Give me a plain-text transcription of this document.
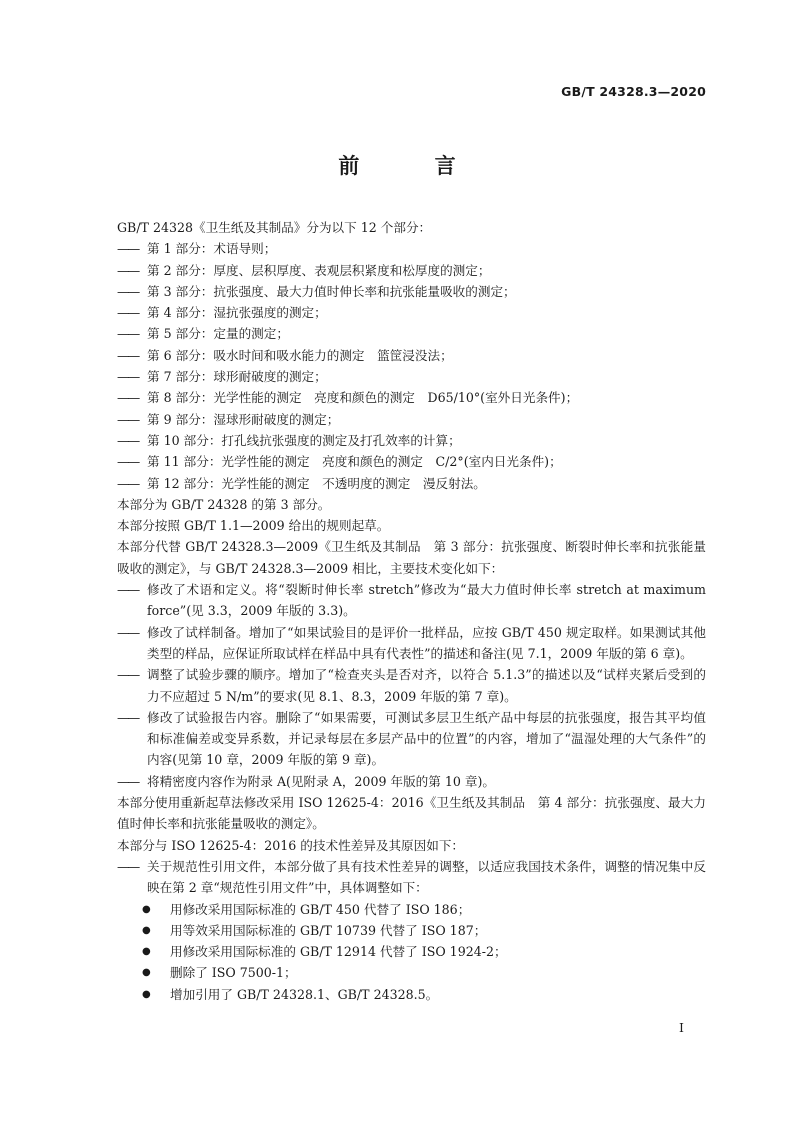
GB/T 24328.3—2020
前 言

GB/T 24328《卫生纸及其制品》分为以下 12 个部分：

—— 第 1 部分：术语导则；
—— 第 2 部分：厚度、层积厚度、表观层积紧度和松厚度的测定；
—— 第 3 部分：抗张强度、最大力值时伸长率和抗张能量吸收的测定；
—— 第 4 部分：湿抗张强度的测定；
—— 第 5 部分：定量的测定；
—— 第 6 部分：吸水时间和吸水能力的测定　篮筐浸没法；
—— 第 7 部分：球形耐破度的测定；
—— 第 8 部分：光学性能的测定　亮度和颜色的测定　D65/10°(室外日光条件)；
—— 第 9 部分：湿球形耐破度的测定；
—— 第 10 部分：打孔线抗张强度的测定及打孔效率的计算；
—— 第 11 部分：光学性能的测定　亮度和颜色的测定　C/2°(室内日光条件)；
—— 第 12 部分：光学性能的测定　不透明度的测定　漫反射法。

本部分为 GB/T 24328 的第 3 部分。

本部分按照 GB/T 1.1—2009 给出的规则起草。

本部分代替 GB/T 24328.3—2009《卫生纸及其制品　第 3 部分：抗张强度、断裂时伸长率和抗张能量吸收的测定》，与 GB/T 24328.3—2009 相比，主要技术变化如下：

—— 修改了术语和定义。将“裂断时伸长率 stretch”修改为“最大力值时伸长率 stretch at maximum force”(见 3.3，2009 年版的 3.3)。
—— 修改了试样制备。增加了“如果试验目的是评价一批样品，应按 GB/T 450 规定取样。如果测试其他类型的样品，应保证所取试样在样品中具有代表性”的描述和备注(见 7.1，2009 年版的第 6 章)。
—— 调整了试验步骤的顺序。增加了“检查夹头是否对齐，以符合 5.1.3”的描述以及“试样夹紧后受到的力不应超过 5 N/m”的要求(见 8.1、8.3，2009 年版的第 7 章)。
—— 修改了试验报告内容。删除了“如果需要，可测试多层卫生纸产品中每层的抗张强度，报告其平均值和标准偏差或变异系数，并记录每层在多层产品中的位置”的内容，增加了“温湿处理的大气条件”的内容(见第 10 章，2009 年版的第 9 章)。
—— 将精密度内容作为附录 A(见附录 A，2009 年版的第 10 章)。

本部分使用重新起草法修改采用 ISO 12625-4：2016《卫生纸及其制品　第 4 部分：抗张强度、最大力值时伸长率和抗张能量吸收的测定》。

本部分与 ISO 12625-4：2016 的技术性差异及其原因如下：

—— 关于规范性引用文件，本部分做了具有技术性差异的调整，以适应我国技术条件，调整的情况集中反映在第 2 章“规范性引用文件”中，具体调整如下：
●	用修改采用国际标准的 GB/T 450 代替了 ISO 186；
●	用等效采用国际标准的 GB/T 10739 代替了 ISO 187；
●	用修改采用国际标准的 GB/T 12914 代替了 ISO 1924-2；
●	删除了 ISO 7500-1；
●	增加引用了 GB/T 24328.1、GB/T 24328.5。
I
